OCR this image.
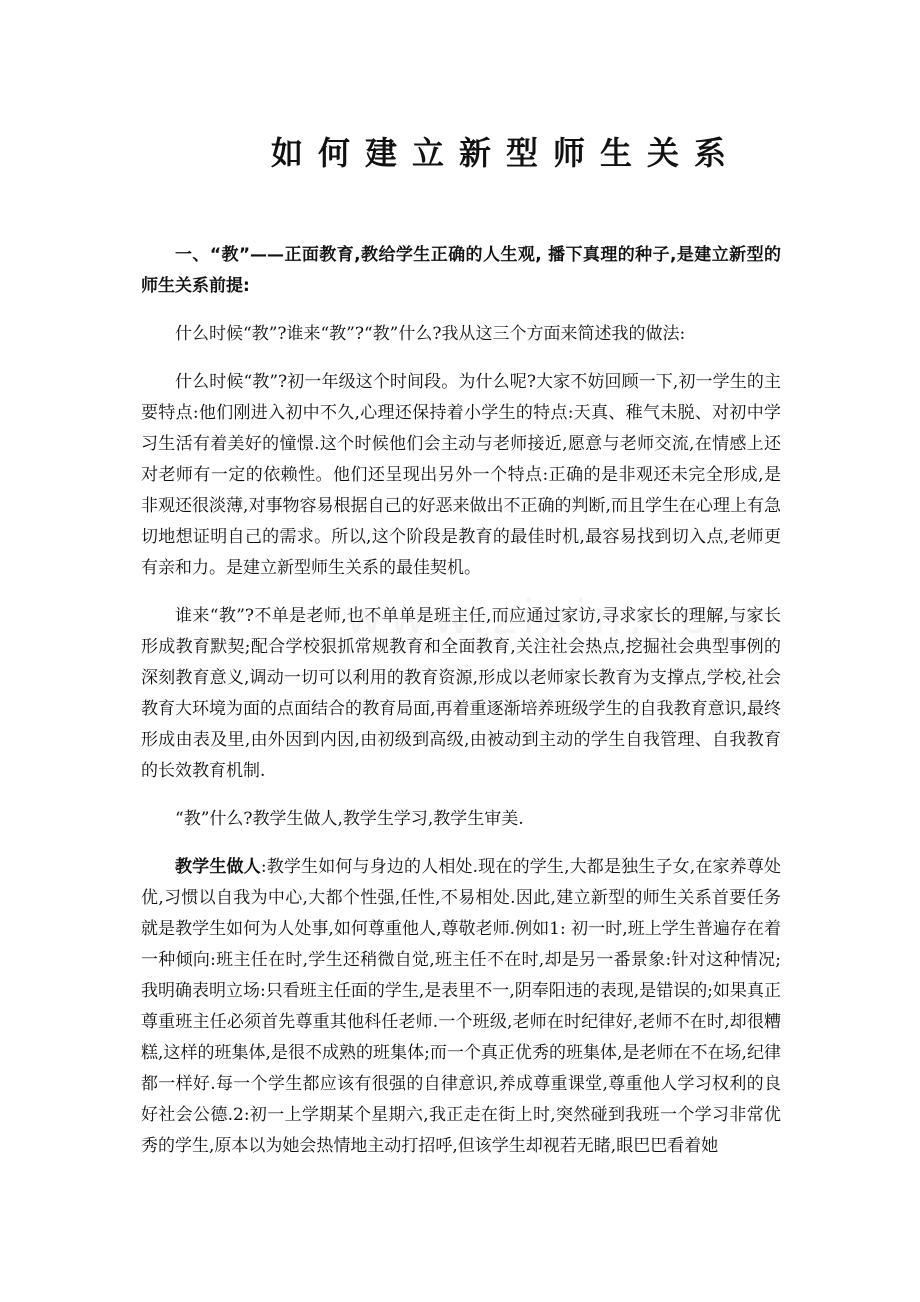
如何建立新型师生关系

一、“教”——正面教育,教给学生正确的人生观, 播下真理的种子,是建立新型的师生关系前提:

什么时候“教”?谁来“教”?“教”什么?我从这三个方面来简述我的做法:

什么时候“教”?初一年级这个时间段。为什么呢?大家不妨回顾一下,初一学生的主要特点:他们刚进入初中不久,心理还保持着小学生的特点:天真、稚气未脱、对初中学习生活有着美好的憧憬.这个时候他们会主动与老师接近,愿意与老师交流,在情感上还对老师有一定的依赖性。他们还呈现出另外一个特点:正确的是非观还未完全形成,是非观还很淡薄,对事物容易根据自己的好恶来做出不正确的判断,而且学生在心理上有急切地想证明自己的需求。所以,这个阶段是教育的最佳时机,最容易找到切入点,老师更有亲和力。是建立新型师生关系的最佳契机。

谁来“教”?不单是老师,也不单单是班主任,而应通过家访,寻求家长的理解,与家长形成教育默契;配合学校狠抓常规教育和全面教育,关注社会热点,挖掘社会典型事例的深刻教育意义,调动一切可以利用的教育资源,形成以老师家长教育为支撑点,学校,社会教育大环境为面的点面结合的教育局面,再着重逐渐培养班级学生的自我教育意识,最终形成由表及里,由外因到内因,由初级到高级,由被动到主动的学生自我管理、自我教育的长效教育机制.

“教”什么?教学生做人,教学生学习,教学生审美.

教学生做人:教学生如何与身边的人相处.现在的学生,大都是独生子女,在家养尊处优,习惯以自我为中心,大都个性强,任性,不易相处.因此,建立新型的师生关系首要任务就是教学生如何为人处事,如何尊重他人,尊敬老师.例如1: 初一时,班上学生普遍存在着一种倾向:班主任在时,学生还稍微自觉,班主任不在时,却是另一番景象:针对这种情况;我明确表明立场:只看班主任面的学生,是表里不一,阴奉阳违的表现,是错误的;如果真正尊重班主任必须首先尊重其他科任老师.一个班级,老师在时纪律好,老师不在时,却很糟糕,这样的班集体,是很不成熟的班集体;而一个真正优秀的班集体,是老师在不在场,纪律都一样好.每一个学生都应该有很强的自律意识,养成尊重课堂,尊重他人学习权利的良好社会公德.2:初一上学期某个星期六,我正走在街上时,突然碰到我班一个学习非常优秀的学生,原本以为她会热情地主动打招呼,但该学生却视若无睹,眼巴巴看着她
